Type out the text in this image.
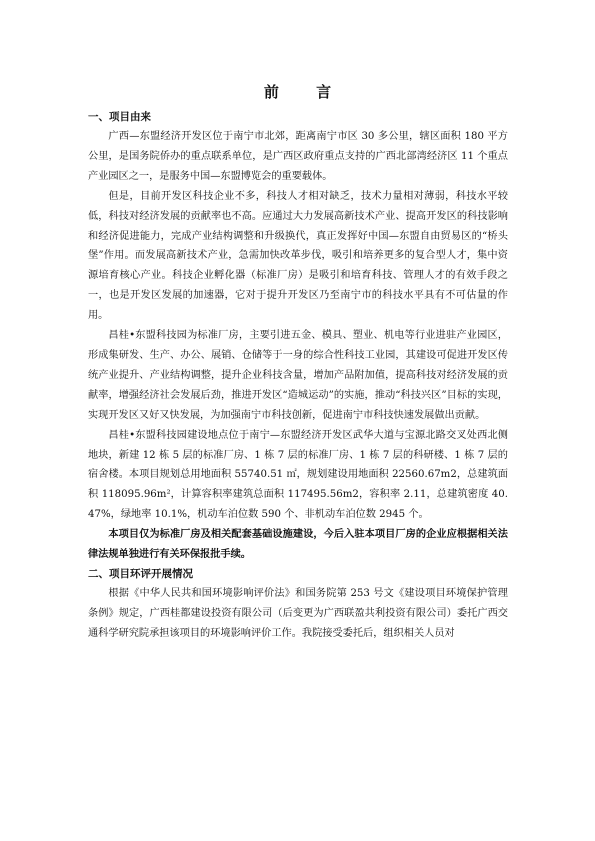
前 言
一、项目由来

广西—东盟经济开发区位于南宁市北郊，距离南宁市区 30 多公里，辖区面积 180 平方公里，是国务院侨办的重点联系单位，是广西区政府重点支持的广西北部湾经济区 11 个重点产业园区之一，是服务中国—东盟博览会的重要载体。

但是，目前开发区科技企业不多，科技人才相对缺乏，技术力量相对薄弱，科技水平较低，科技对经济发展的贡献率也不高。应通过大力发展高新技术产业、提高开发区的科技影响和经济促进能力，完成产业结构调整和升级换代，真正发挥好中国—东盟自由贸易区的“桥头堡”作用。而发展高新技术产业，急需加快改革步伐，吸引和培养更多的复合型人才，集中资源培育核心产业。科技企业孵化器（标准厂房）是吸引和培育科技、管理人才的有效手段之一，也是开发区发展的加速器，它对于提升开发区乃至南宁市的科技水平具有不可估量的作用。

昌桂•东盟科技园为标准厂房，主要引进五金、模具、塑业、机电等行业进驻产业园区，形成集研发、生产、办公、展销、仓储等于一身的综合性科技工业园，其建设可促进开发区传统产业提升、产业结构调整，提升企业科技含量，增加产品附加值，提高科技对经济发展的贡献率，增强经济社会发展后劲，推进开发区“造城运动”的实施，推动“科技兴区”目标的实现，实现开发区又好又快发展，为加强南宁市科技创新，促进南宁市科技快速发展做出贡献。

昌桂•东盟科技园建设地点位于南宁—东盟经济开发区武华大道与宝源北路交叉处西北侧地块，新建 12 栋 5 层的标准厂房、1 栋 7 层的标准厂房、1 栋 7 层的科研楼、1 栋 7 层的宿舍楼。本项目规划总用地面积 55740.51 ㎡，规划建设用地面积 22560.67m2，总建筑面积 118095.96m²，计算容积率建筑总面积 117495.56m2，容积率 2.11，总建筑密度 40.47%，绿地率 10.1%，机动车泊位数 590 个、非机动车泊位数 2945 个。

本项目仅为标准厂房及相关配套基础设施建设，今后入驻本项目厂房的企业应根据相关法律法规单独进行有关环保报批手续。

二、项目环评开展情况

根据《中华人民共和国环境影响评价法》和国务院第 253 号文《建设项目环境保护管理条例》规定，广西桂都建设投资有限公司（后变更为广西联盈共利投资有限公司）委托广西交通科学研究院承担该项目的环境影响评价工作。我院接受委托后，组织相关人员对
